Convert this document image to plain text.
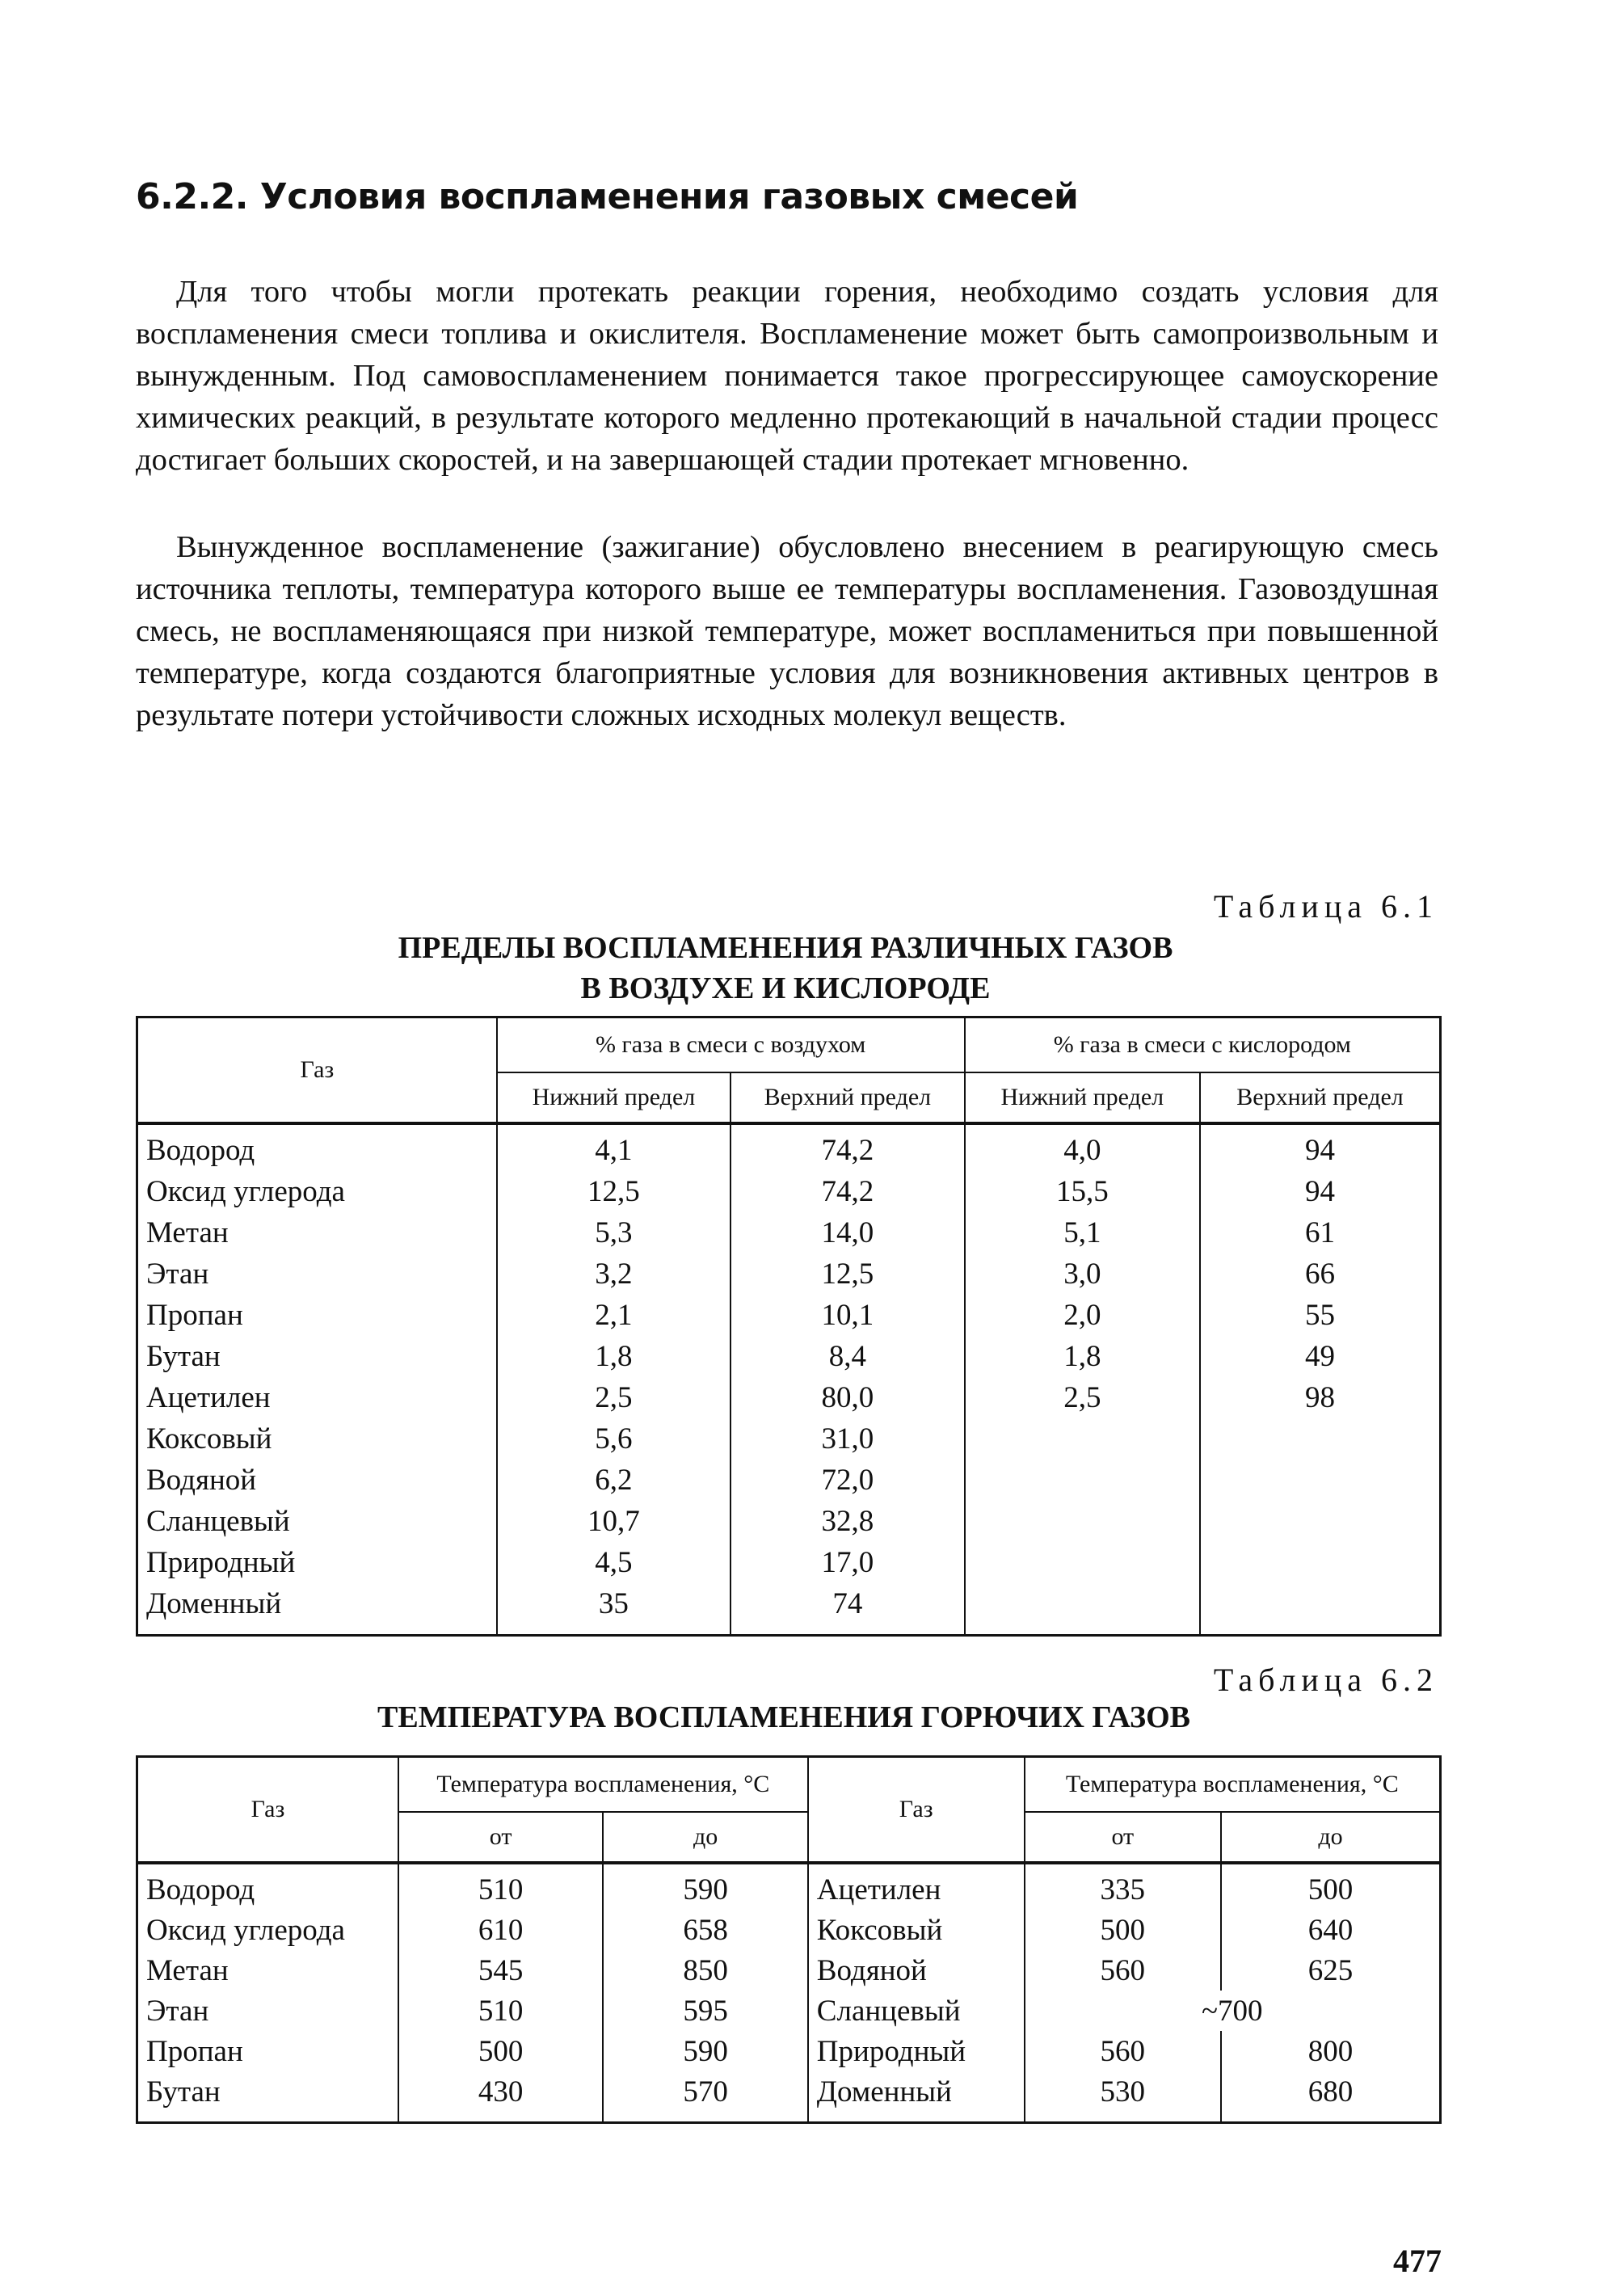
6.2.2. Условия воспламенения газовых смесей

Для того чтобы могли протекать реакции горения, необходимо создать условия для воспламенения смеси топлива и окислителя. Воспламенение может быть самопроизвольным и вынужденным. Под самовоспламенением понимается такое прогрессирующее самоускорение химических реакций, в результате которого медленно протекающий в начальной стадии процесс достигает больших скоростей, и на завершающей стадии протекает мгновенно.

Вынужденное воспламенение (зажигание) обусловлено внесением в реагирующую смесь источника теплоты, температура которого выше ее температуры воспламенения. Газовоздушная смесь, не воспламеняющаяся при низкой температуре, может воспламениться при повышенной температуре, когда создаются благоприятные условия для возникновения активных центров в результате потери устойчивости сложных исходных молекул веществ.

Таблица 6.1
ПРЕДЕЛЫ ВОСПЛАМЕНЕНИЯ РАЗЛИЧНЫХ ГАЗОВ
В ВОЗДУХЕ И КИСЛОРОДЕ
Газ	% газа в смеси с воздухом		% газа в смеси с кислородом	
	Нижний предел	Верхний предел	Нижний предел	Верхний предел
Водород	4,1	74,2	4,0	94
Оксид углерода	12,5	74,2	15,5	94
Метан	5,3	14,0	5,1	61
Этан	3,2	12,5	3,0	66
Пропан	2,1	10,1	2,0	55
Бутан	1,8	8,4	1,8	49
Ацетилен	2,5	80,0	2,5	98
Коксовый	5,6	31,0		
Водяной	6,2	72,0		
Сланцевый	10,7	32,8		
Природный	4,5	17,0		
Доменный	35	74		
Таблица 6.2
ТЕМПЕРАТУРА ВОСПЛАМЕНЕНИЯ ГОРЮЧИХ ГАЗОВ
Газ	Температура воспламенения, °C		Газ	Температура воспламенения, °C	
	от	до		от	до
Водород	510	590	Ацетилен	335	500
Оксид углерода	610	658	Коксовый	500	640
Метан	545	850	Водяной	560	625
Этан	510	595	Сланцевый	~700	
Пропан	500	590	Природный	560	800
Бутан	430	570	Доменный	530	680
477
